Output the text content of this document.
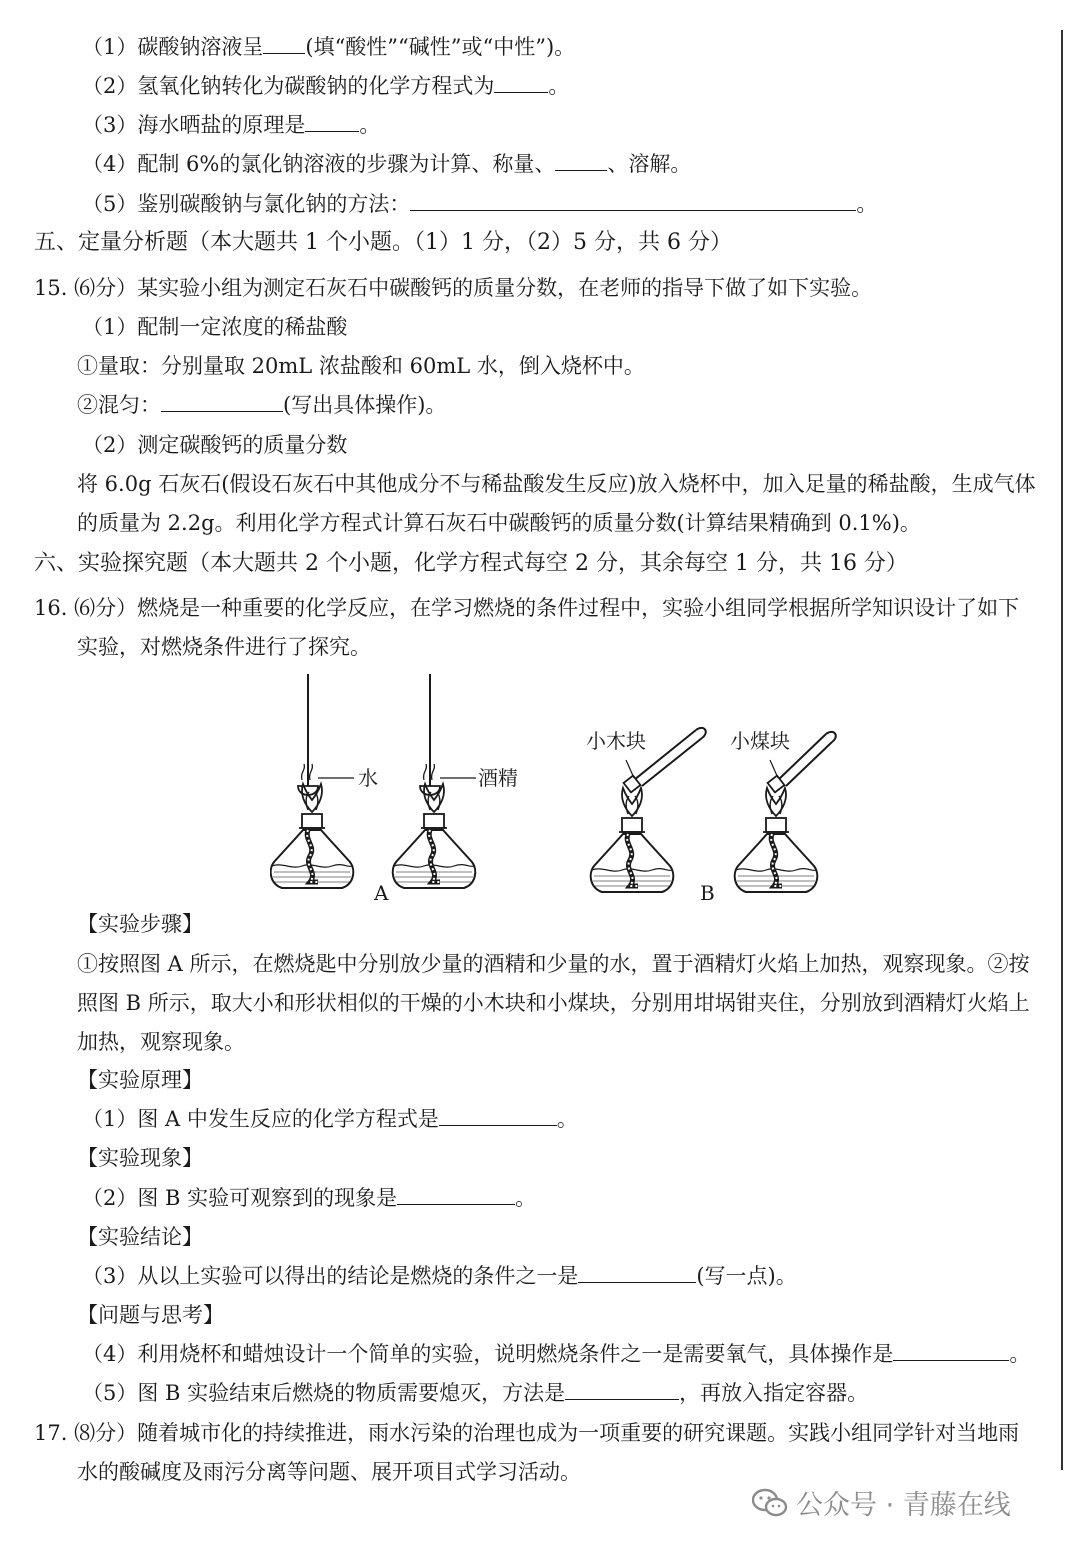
（1）碳酸钠溶液呈 (填“酸性”“碱性”或“中性”)。
（2）氢氧化钠转化为碳酸钠的化学方程式为	。
（3）海水晒盐的原理是	。
（4）配制 6%的氯化钠溶液的步骤为计算、称量、 、溶解。
（5）鉴别碳酸钠与氯化钠的方法：	。
五、定量分析题（本大题共 1 个小题。（1）1 分，（2）5 分，共 6 分）
15. ⑹分）某实验小组为测定石灰石中碳酸钙的质量分数，在老师的指导下做了如下实验。
（1）配制一定浓度的稀盐酸
①量取：分别量取 20mL 浓盐酸和 60mL 水，倒入烧杯中。
②混匀：	(写出具体操作)。
（2）测定碳酸钙的质量分数
将 6.0g 石灰石(假设石灰石中其他成分不与稀盐酸发生反应)放入烧杯中，加入足量的稀盐酸，生成气体
的质量为 2.2g。利用化学方程式计算石灰石中碳酸钙的质量分数(计算结果精确到 0.1%)。
六、实验探究题（本大题共 2 个小题，化学方程式每空 2 分，其余每空 1 分，共 16 分）
16. ⑹分）燃烧是一种重要的化学反应，在学习燃烧的条件过程中，实验小组同学根据所学知识设计了如下
实验，对燃烧条件进行了探究。
水	酒精
小木块	小煤块
A	B
【实验步骤】
①按照图 A 所示，在燃烧匙中分别放少量的酒精和少量的水，置于酒精灯火焰上加热，观察现象。②按
照图 B 所示，取大小和形状相似的干燥的小木块和小煤块，分别用坩埚钳夹住，分别放到酒精灯火焰上
加热，观察现象。
【实验原理】
（1）图 A 中发生反应的化学方程式是	。
【实验现象】
（2）图 B 实验可观察到的现象是	。
【实验结论】
（3）从以上实验可以得出的结论是燃烧的条件之一是	(写一点)。
【问题与思考】
（4）利用烧杯和蜡烛设计一个简单的实验，说明燃烧条件之一是需要氧气，具体操作是	。
（5）图 B 实验结束后燃烧的物质需要熄灭，方法是	，再放入指定容器。
17. ⑻分）随着城市化的持续推进，雨水污染的治理也成为一项重要的研究课题。实践小组同学针对当地雨
水的酸碱度及雨污分离等问题、展开项目式学习活动。
公众号 · 青藤在线
